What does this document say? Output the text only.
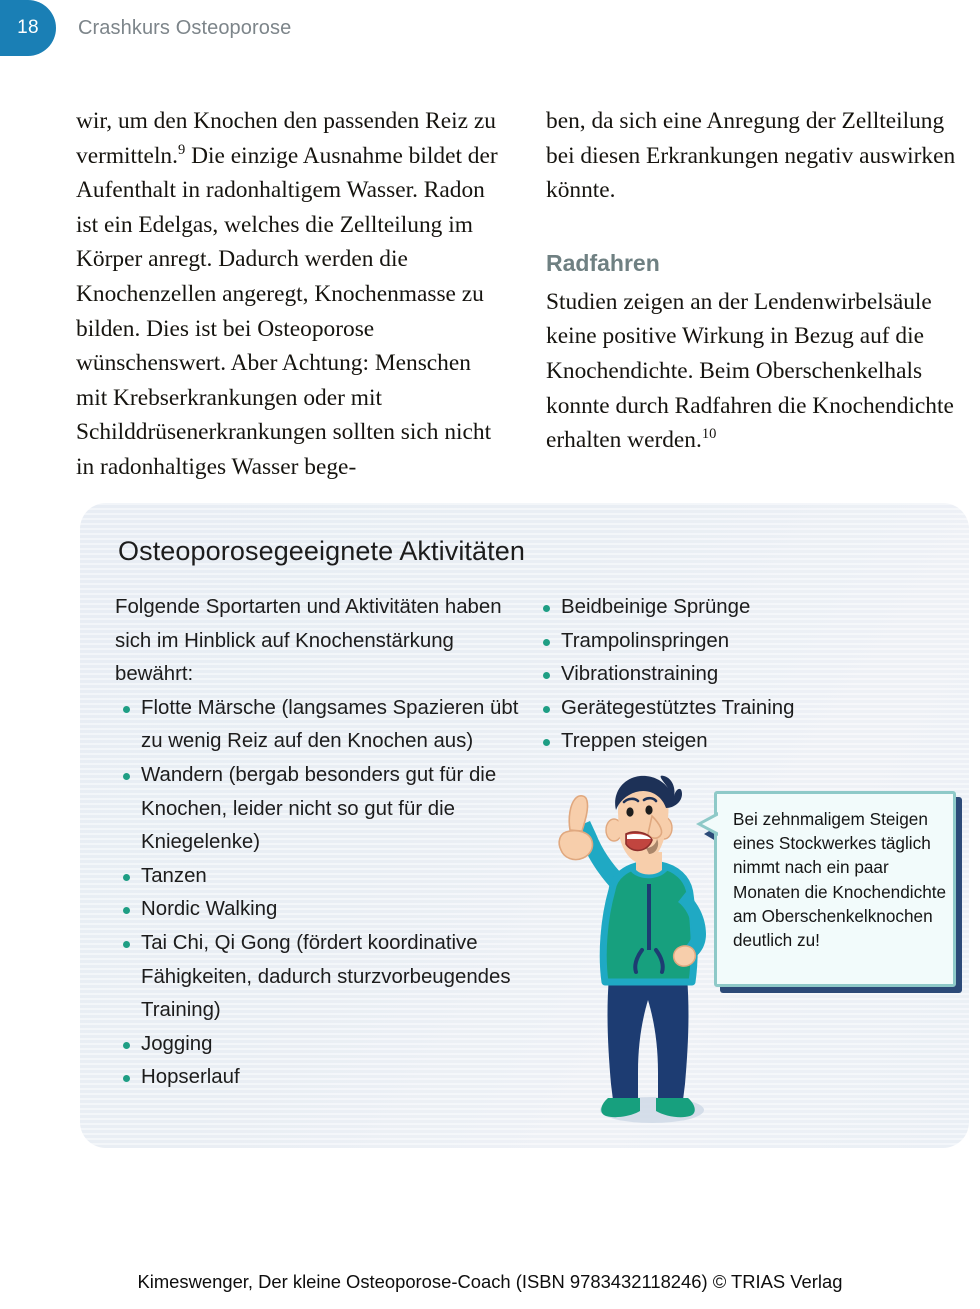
18 Crashkurs Osteoporose

wir, um den Knochen den passenden Reiz zu vermitteln.$^9$ Die einzige Ausnahme bildet der Aufenthalt in radonhaltigem Wasser. Radon ist ein Edelgas, welches die Zellteilung im Körper anregt. Dadurch werden die Knochenzellen angeregt, Knochenmasse zu bilden. Dies ist bei Osteoporose wünschenswert. Aber Achtung: Menschen mit Krebserkrankungen oder mit Schilddrüsenerkrankungen sollten sich nicht in radonhaltiges Wasser bege-

ben, da sich eine Anregung der Zellteilung bei diesen Erkrankungen negativ auswirken könnte.

Radfahren

Studien zeigen an der Lendenwirbelsäule keine positive Wirkung in Bezug auf die Knochendichte. Beim Oberschenkelhals konnte durch Radfahren die Knochendichte erhalten werden.$^{10}$

Osteoporosegeeignete Aktivitäten

Folgende Sportarten und Aktivitäten haben sich im Hinblick auf Knochenstärkung bewährt:

Flotte Märsche (langsames Spazieren übt zu wenig Reiz auf den Knochen aus)
Wandern (bergab besonders gut für die Knochen, leider nicht so gut für die Kniegelenke)
Tanzen
Nordic Walking
Tai Chi, Qi Gong (fördert koordinative Fähigkeiten, dadurch sturzvorbeugendes Training)
Jogging
Hopserlauf
Beidbeinige Sprünge
Trampolinspringen
Vibrationstraining
Gerätegestütztes Training
Treppen steigen
Bei zehnmaligem Steigen eines Stockwerkes täglich nimmt nach ein paar Monaten die Knochendichte am Oberschenkelknochen deutlich zu!
Kimeswenger, Der kleine Osteoporose-Coach (ISBN 9783432118246) © TRIAS Verlag
